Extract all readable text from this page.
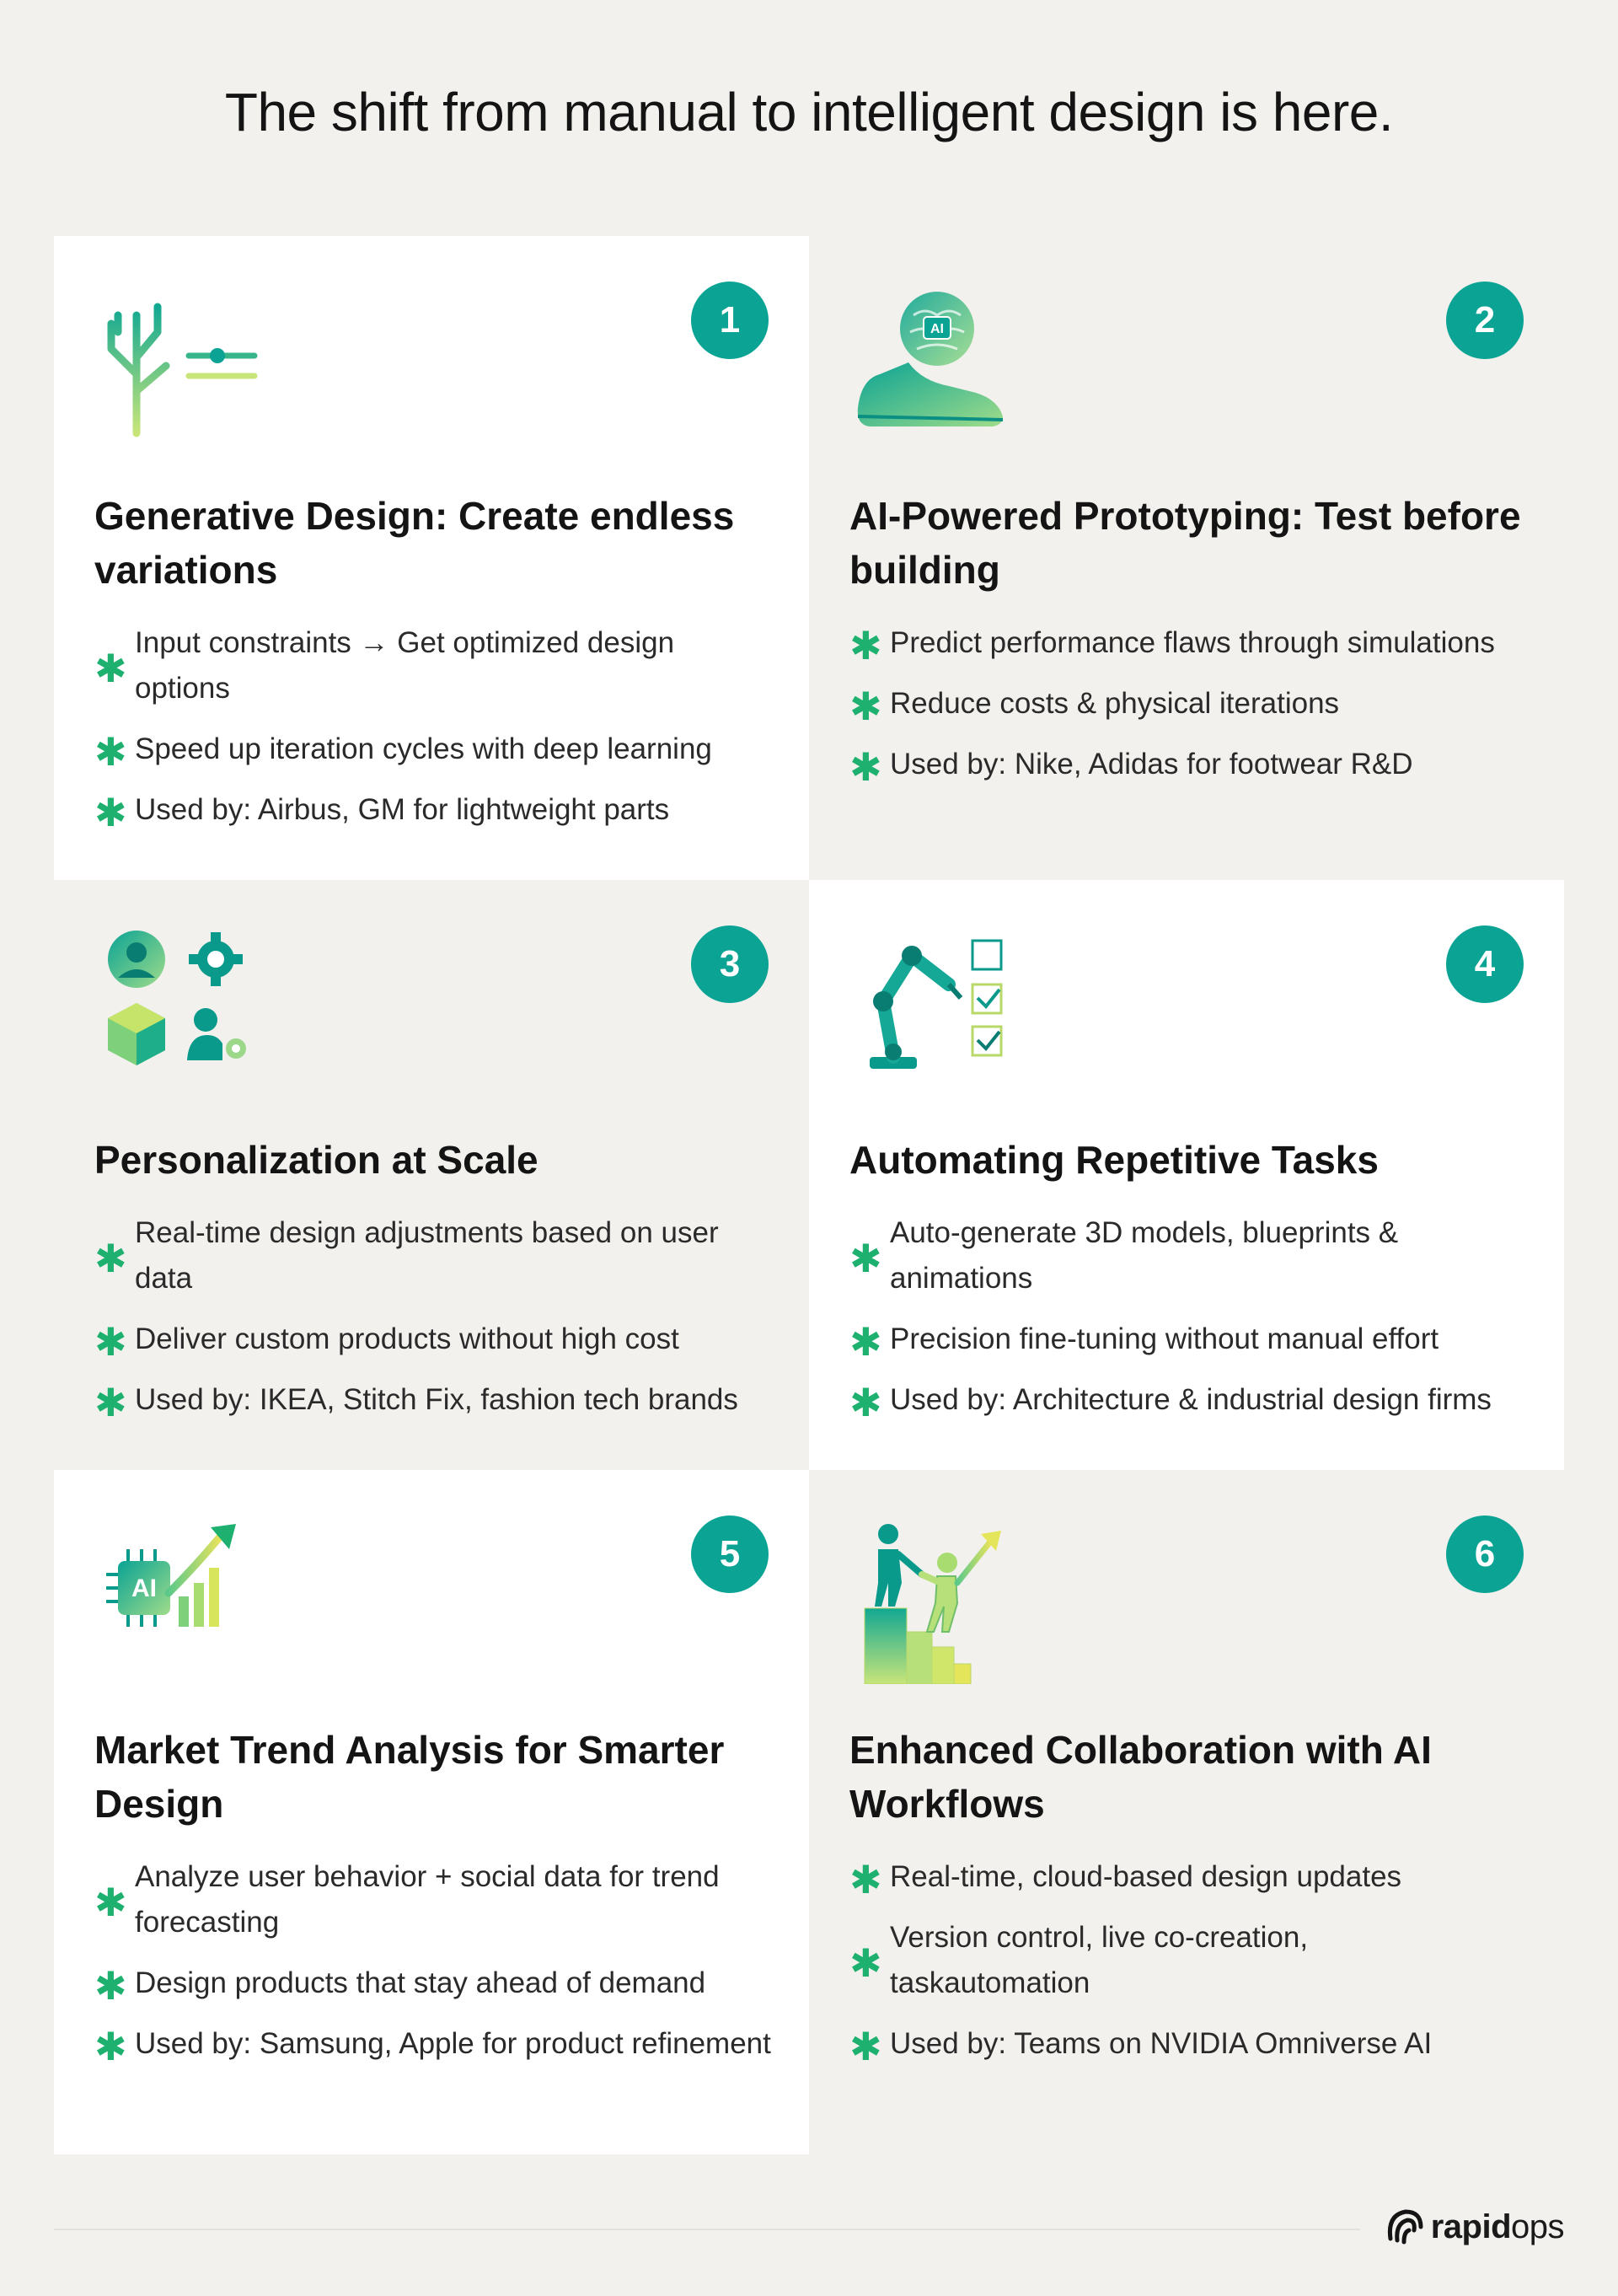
The shift from manual to intelligent design is here.
1
Generative Design: Create endless variations
✱
Input constraints → Get optimized design options
✱ Speed up iteration cycles with deep learning
✱ Used by: Airbus, GM for lightweight parts
AI	2
AI-Powered Prototyping: Test before building
✱ Predict performance flaws through simulations
✱ Reduce costs & physical iterations
✱ Used by: Nike, Adidas for footwear R&D
3
Personalization at Scale
✱
Real-time design adjustments based on user data
✱ Deliver custom products without high cost
✱ Used by: IKEA, Stitch Fix, fashion tech brands
4
Automating Repetitive Tasks
✱
Auto-generate 3D models, blueprints & animations
✱ Precision fine-tuning without manual effort
✱ Used by: Architecture & industrial design firms
AI
5
Market Trend Analysis for Smarter Design
✱
Analyze user behavior + social data for trend forecasting
✱ Design products that stay ahead of demand
✱ Used by: Samsung, Apple for product refinement
6
Enhanced Collaboration with AI Workflows
✱ Real-time, cloud-based design updates
✱
Version control, live co-creation, taskautomation
✱ Used by: Teams on NVIDIA Omniverse AI
rapidops
